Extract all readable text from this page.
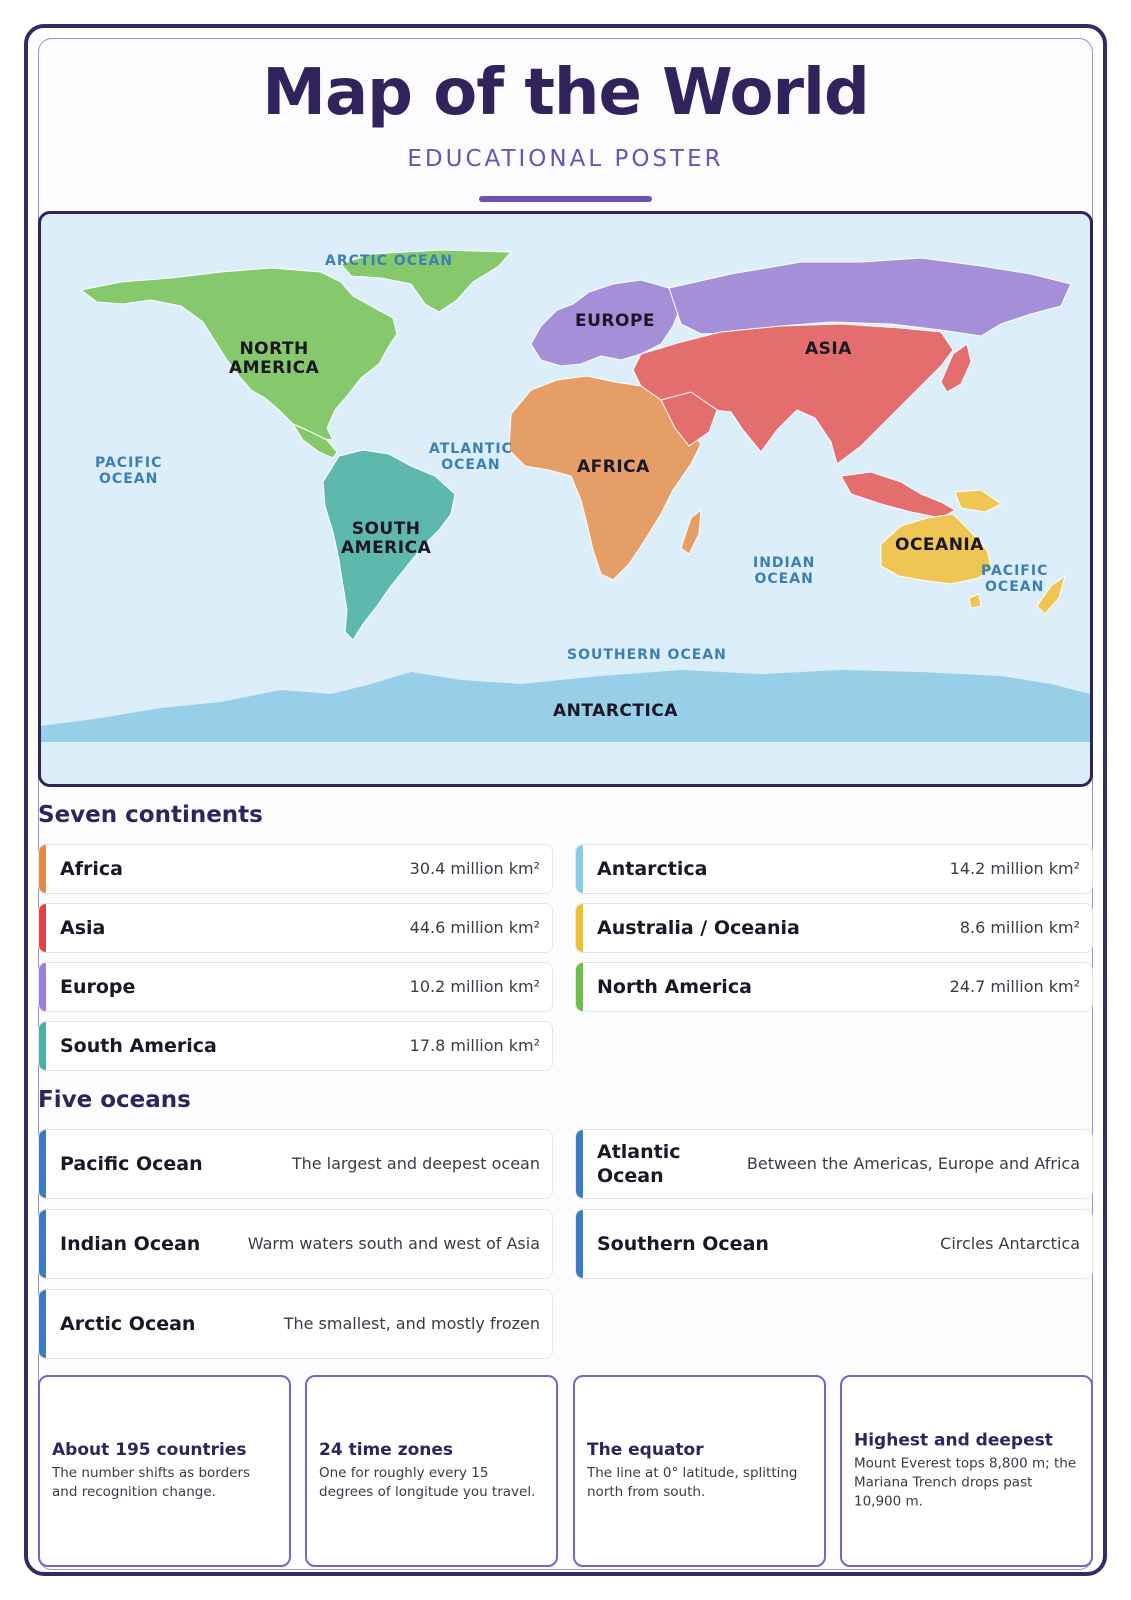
Map of the World
EDUCATIONAL POSTER
ARCTIC OCEAN
ATLANTIC
OCEAN
PACIFIC
OCEAN
INDIAN
OCEAN	PACIFIC
OCEAN
SOUTHERN OCEAN
NORTH
AMERICA
SOUTH
AMERICA
EUROPE
AFRICA
ASIA
OCEANIA
ANTARCTICA
Seven continents
Africa	30.4 million km²	Antarctica	14.2 million km²
Asia	44.6 million km²	Australia / Oceania	8.6 million km²
Europe	10.2 million km²	North America	24.7 million km²
South America	17.8 million km²
Five oceans
Pacific Ocean	The largest and deepest ocean
Atlantic
Ocean
Between the Americas, Europe and Africa
Indian Ocean	Warm waters south and west of Asia	Southern Ocean	Circles Antarctica
Arctic Ocean	The smallest, and mostly frozen
About 195 countries
The number shifts as borders and recognition change.
24 time zones
One for roughly every 15 degrees of longitude you travel.
The equator
The line at 0° latitude, splitting north from south.
Highest and deepest
Mount Everest tops 8,800 m; the Mariana Trench drops past 10,900 m.
